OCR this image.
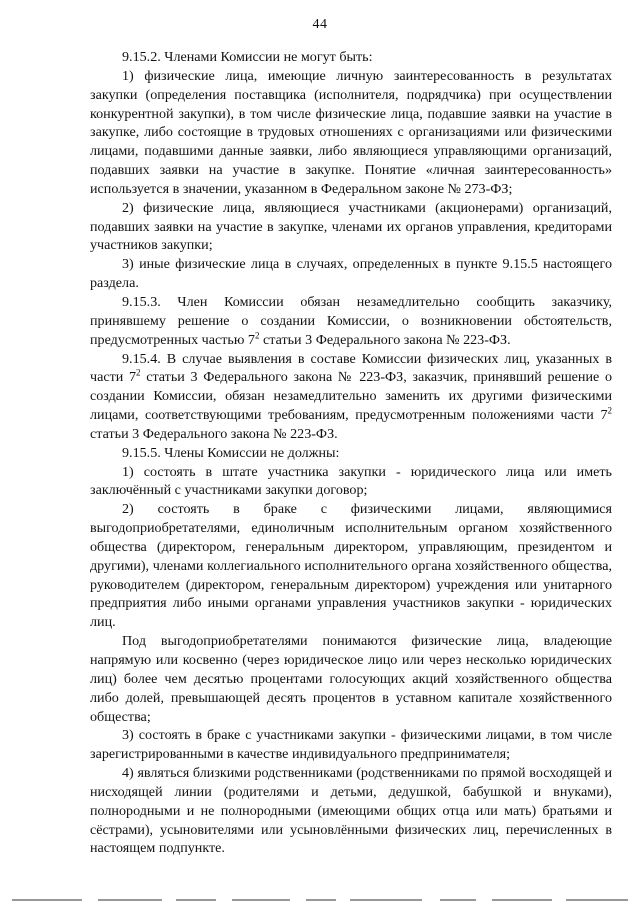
44

9.15.2. Членами Комиссии не могут быть:

1) физические лица, имеющие личную заинтересованность в результатах закупки (определения поставщика (исполнителя, подрядчика) при осуществлении конкурентной закупки), в том числе физические лица, подавшие заявки на участие в закупке, либо состоящие в трудовых отношениях с организациями или физическими лицами, подавшими данные заявки, либо являющиеся управляющими организаций, подавших заявки на участие в закупке. Понятие «личная заинтересованность» используется в значении, указанном в Федеральном законе № 273-ФЗ;

2) физические лица, являющиеся участниками (акционерами) организаций, подавших заявки на участие в закупке, членами их органов управления, кредиторами участников закупки;

3) иные физические лица в случаях, определенных в пункте 9.15.5 настоящего раздела.

9.15.3. Член Комиссии обязан незамедлительно сообщить заказчику, принявшему решение о создании Комиссии, о возникновении обстоятельств, предусмотренных частью $7^2$ статьи 3 Федерального закона № 223-ФЗ.

9.15.4. В случае выявления в составе Комиссии физических лиц, указанных в части $7^2$ статьи 3 Федерального закона № 223-ФЗ, заказчик, принявший решение о создании Комиссии, обязан незамедлительно заменить их другими физическими лицами, соответствующими требованиям, предусмотренным положениями части $7^2$ статьи 3 Федерального закона № 223-ФЗ.

9.15.5. Члены Комиссии не должны:

1) состоять в штате участника закупки - юридического лица или иметь заключённый с участниками закупки договор;

2) состоять в браке с физическими лицами, являющимися выгодоприобретателями, единоличным исполнительным органом хозяйственного общества (директором, генеральным директором, управляющим, президентом и другими), членами коллегиального исполнительного органа хозяйственного общества, руководителем (директором, генеральным директором) учреждения или унитарного предприятия либо иными органами управления участников закупки - юридических лиц.

Под выгодоприобретателями понимаются физические лица, владеющие напрямую или косвенно (через юридическое лицо или через несколько юридических лиц) более чем десятью процентами голосующих акций хозяйственного общества либо долей, превышающей десять процентов в уставном капитале хозяйственного общества;

3) состоять в браке с участниками закупки - физическими лицами, в том числе зарегистрированными в качестве индивидуального предпринимателя;

4) являться близкими родственниками (родственниками по прямой восходящей и нисходящей линии (родителями и детьми, дедушкой, бабушкой и внуками), полнородными и не полнородными (имеющими общих отца или мать) братьями и сёстрами), усыновителями или усыновлёнными физических лиц, перечисленных в настоящем подпункте.
